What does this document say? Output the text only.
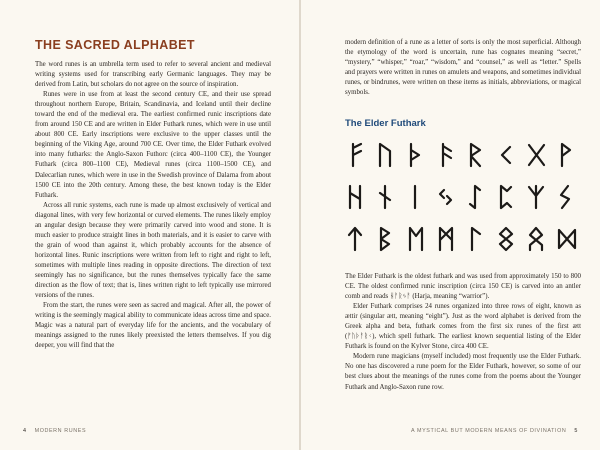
THE SACRED ALPHABET

The word runes is an umbrella term used to refer to several ancient and medieval writing systems used for transcribing early Germanic languages. They may be derived from Latin, but scholars do not agree on the source of inspiration.

Runes were in use from at least the second century CE, and their use spread throughout northern Europe, Britain, Scandinavia, and Iceland until their decline toward the end of the medieval era. The earliest confirmed runic inscriptions date from around 150 CE and are written in Elder Futhark runes, which were in use until about 800 CE. Early inscriptions were exclusive to the upper classes until the beginning of the Viking Age, around 700 CE. Over time, the Elder Futhark evolved into many futharks: the Anglo-Saxon Futhorc (circa 400–1100 CE), the Younger Futhark (circa 800–1100 CE), Medieval runes (circa 1100–1500 CE), and Dalecarlian runes, which were in use in the Swedish province of Dalarna from about 1500 CE into the 20th century. Among these, the best known today is the Elder Futhark.

Across all runic systems, each rune is made up almost exclusively of vertical and diagonal lines, with very few horizontal or curved elements. The runes likely employ an angular design because they were primarily carved into wood and stone. It is much easier to produce straight lines in both materials, and it is easier to carve with the grain of wood than against it, which probably accounts for the absence of horizontal lines. Runic inscriptions were written from left to right and right to left, sometimes with multiple lines reading in opposite directions. The direction of text seemingly has no significance, but the runes themselves typically face the same direction as the flow of text; that is, lines written right to left typically use mirrored versions of the runes.

From the start, the runes were seen as sacred and magical. After all, the power of writing is the seemingly magical ability to communicate ideas across time and space. Magic was a natural part of everyday life for the ancients, and the vocabulary of meanings assigned to the runes likely preexisted the letters themselves. If you dig deeper, you will find that the

4 MODERN RUNES

modern definition of a rune as a letter of sorts is only the most superficial. Although the etymology of the word is uncertain, rune has cognates meaning “secret,” “mystery,” “whisper,” “roar,” “wisdom,” and “counsel,” as well as “letter.” Spells and prayers were written in runes on amulets and weapons, and sometimes individual runes, or bindrunes, were written on these items as initials, abbreviations, or magical symbols.

The Elder Futhark

The Elder Futhark is the oldest futhark and was used from approximately 150 to 800 CE. The oldest confirmed runic inscription (circa 150 CE) is carved into an antler comb and reads ᚺᚨᚱᛃᚨ (Harja, meaning “warrior”).

Elder Futhark comprises 24 runes organized into three rows of eight, known as ættir (singular ætt, meaning “eight”). Just as the word alphabet is derived from the Greek alpha and beta, futhark comes from the first six runes of the first ætt (ᚠᚢᚦᚨᚱᚲ), which spell futhark. The earliest known sequential listing of the Elder Futhark is found on the Kylver Stone, circa 400 CE.

Modern rune magicians (myself included) most frequently use the Elder Futhark. No one has discovered a rune poem for the Elder Futhark, however, so some of our best clues about the meanings of the runes come from the poems about the Younger Futhark and Anglo-Saxon rune row.

A MYSTICAL BUT MODERN MEANS OF DIVINATION 5
